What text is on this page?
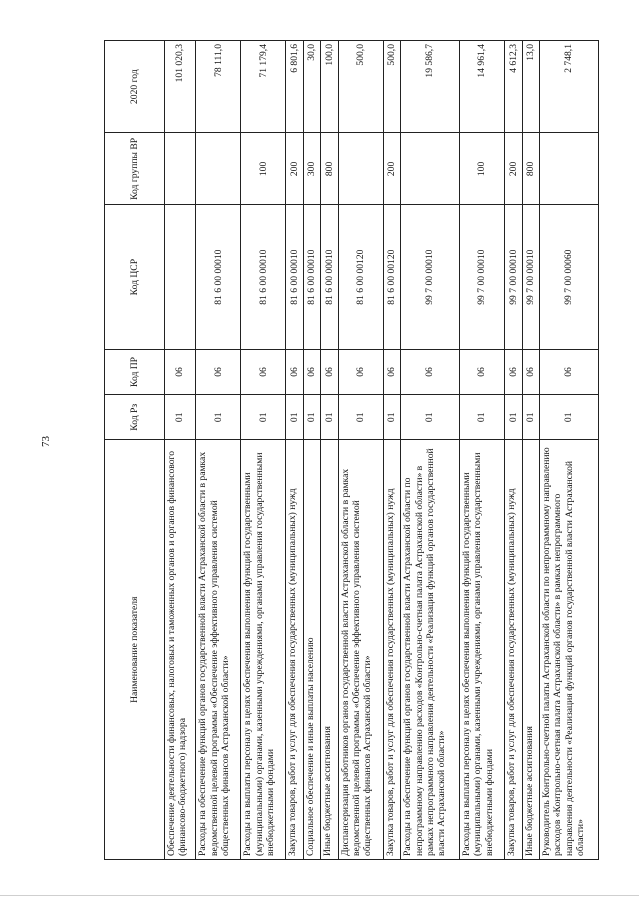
73
Наименование показателя	Код Рз	Код ПР	Код ЦСР	Код группы ВР	2020 год
Обеспечение деятельности финансовых, налоговых и таможенных органов и органов финансового (финансово-бюджетного) надзора	01	06			101 020,3
Расходы на обеспечение функций органов государственной власти Астраханской области в рамках ведомственной целевой программы «Обеспечение эффективного управления системой общественных финансов Астраханской области»	01	06	81 6 00 00010		78 111,0
Расходы на выплаты персоналу в целях обеспечения выполнения функций государственными (муниципальными) органами, казенными учреждениями, органами управления государственными внебюджетными фондами	01	06	81 6 00 00010	100	71 179,4
Закупка товаров, работ и услуг для обеспечения государственных (муниципальных) нужд	01	06	81 6 00 00010	200	6 801,6
Социальное обеспечение и иные выплаты населению	01	06	81 6 00 00010	300	30,0
Иные бюджетные ассигнования	01	06	81 6 00 00010	800	100,0
Диспансеризация работников органов государственной власти Астраханской области в рамках ведомственной целевой программы «Обеспечение эффективного управления системой общественных финансов Астраханской области»	01	06	81 6 00 00120		500,0
Закупка товаров, работ и услуг для обеспечения государственных (муниципальных) нужд	01	06	81 6 00 00120	200	500,0
Расходы на обеспечение функций органов государственной власти Астраханской области по непрограммному направлению расходов «Контрольно-счетная палата Астраханской области» в рамках непрограммного направления деятельности «Реализация функций органов государственной власти Астраханской области»	01	06	99 7 00 00010		19 586,7
Расходы на выплаты персоналу в целях обеспечения выполнения функций государственными (муниципальными) органами, казенными учреждениями, органами управления государственными внебюджетными фондами	01	06	99 7 00 00010	100	14 961,4
Закупка товаров, работ и услуг для обеспечения государственных (муниципальных) нужд	01	06	99 7 00 00010	200	4 612,3
Иные бюджетные ассигнования	01	06	99 7 00 00010	800	13,0
Руководитель Контрольно-счетной палаты Астраханской области по непрограммному направлению расходов «Контрольно-счетная палата Астраханской области» в рамках непрограммного направления деятельности «Реализация функций органов государственной власти Астраханской области»	01	06	99 7 00 00060		2 748,1
